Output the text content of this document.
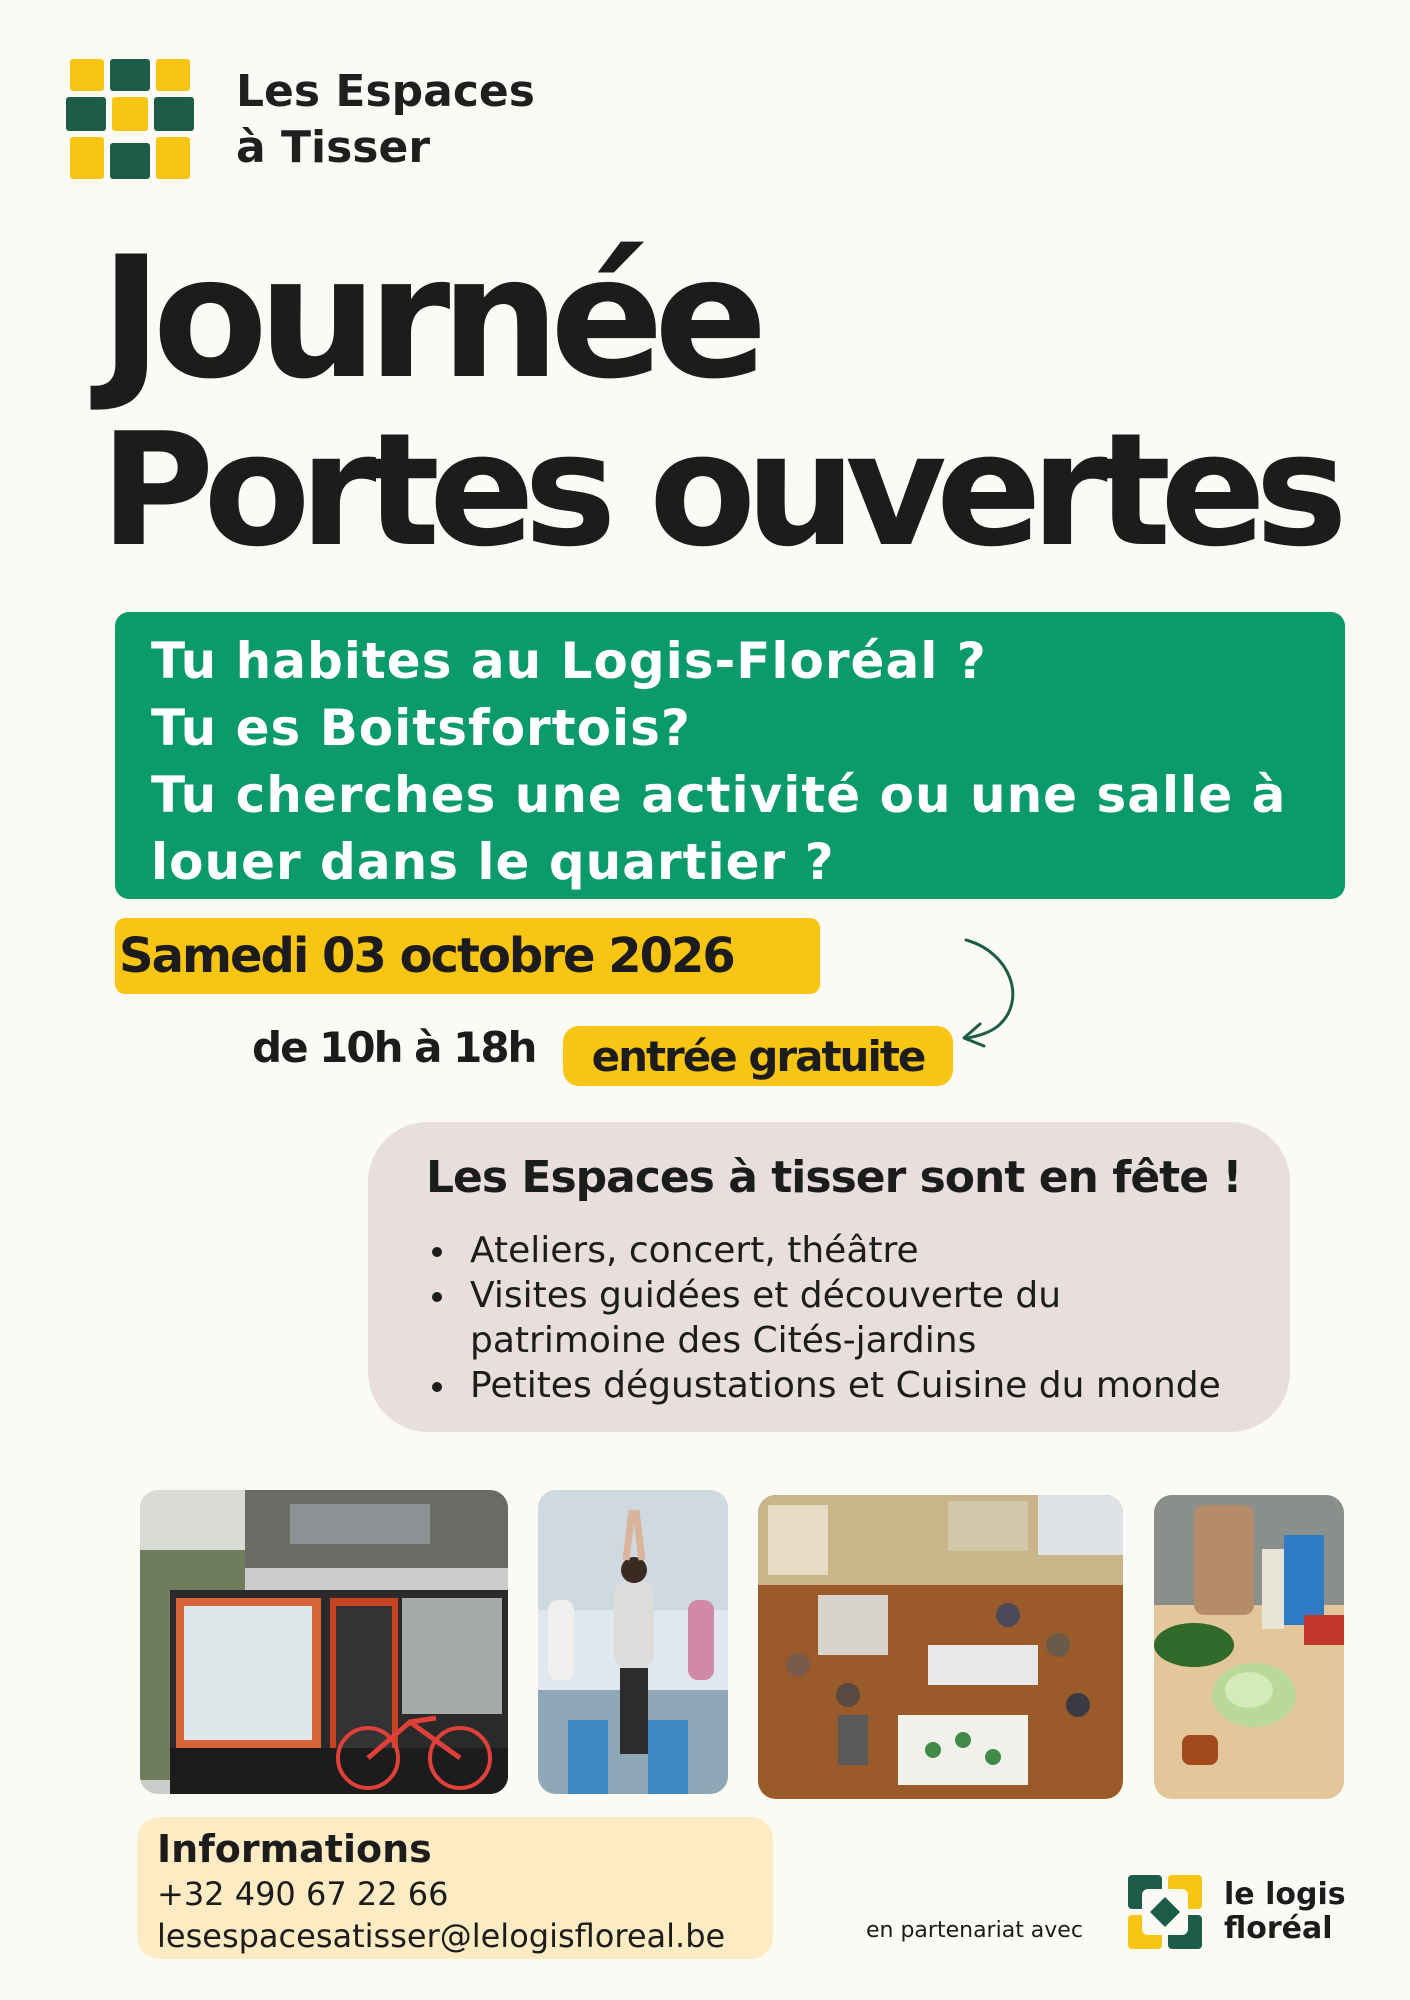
Les Espaces
à Tisser
Journée
Portes ouvertes
Tu habites au Logis-Floréal ?
Tu es Boitsfortois?
Tu cherches une activité ou une salle à
louer dans le quartier ?
Samedi 03 octobre 2026
de 10h à 18h	entrée gratuite
Les Espaces à tisser sont en fête !
Ateliers, concert, théâtre
Visites guidées et découverte du
patrimoine des Cités-jardins
Petites dégustations et Cuisine du monde
Informations
+32 490 67 22 66
lesespacesatisser@lelogisfloreal.be	en partenariat avec
le logis
floréal
